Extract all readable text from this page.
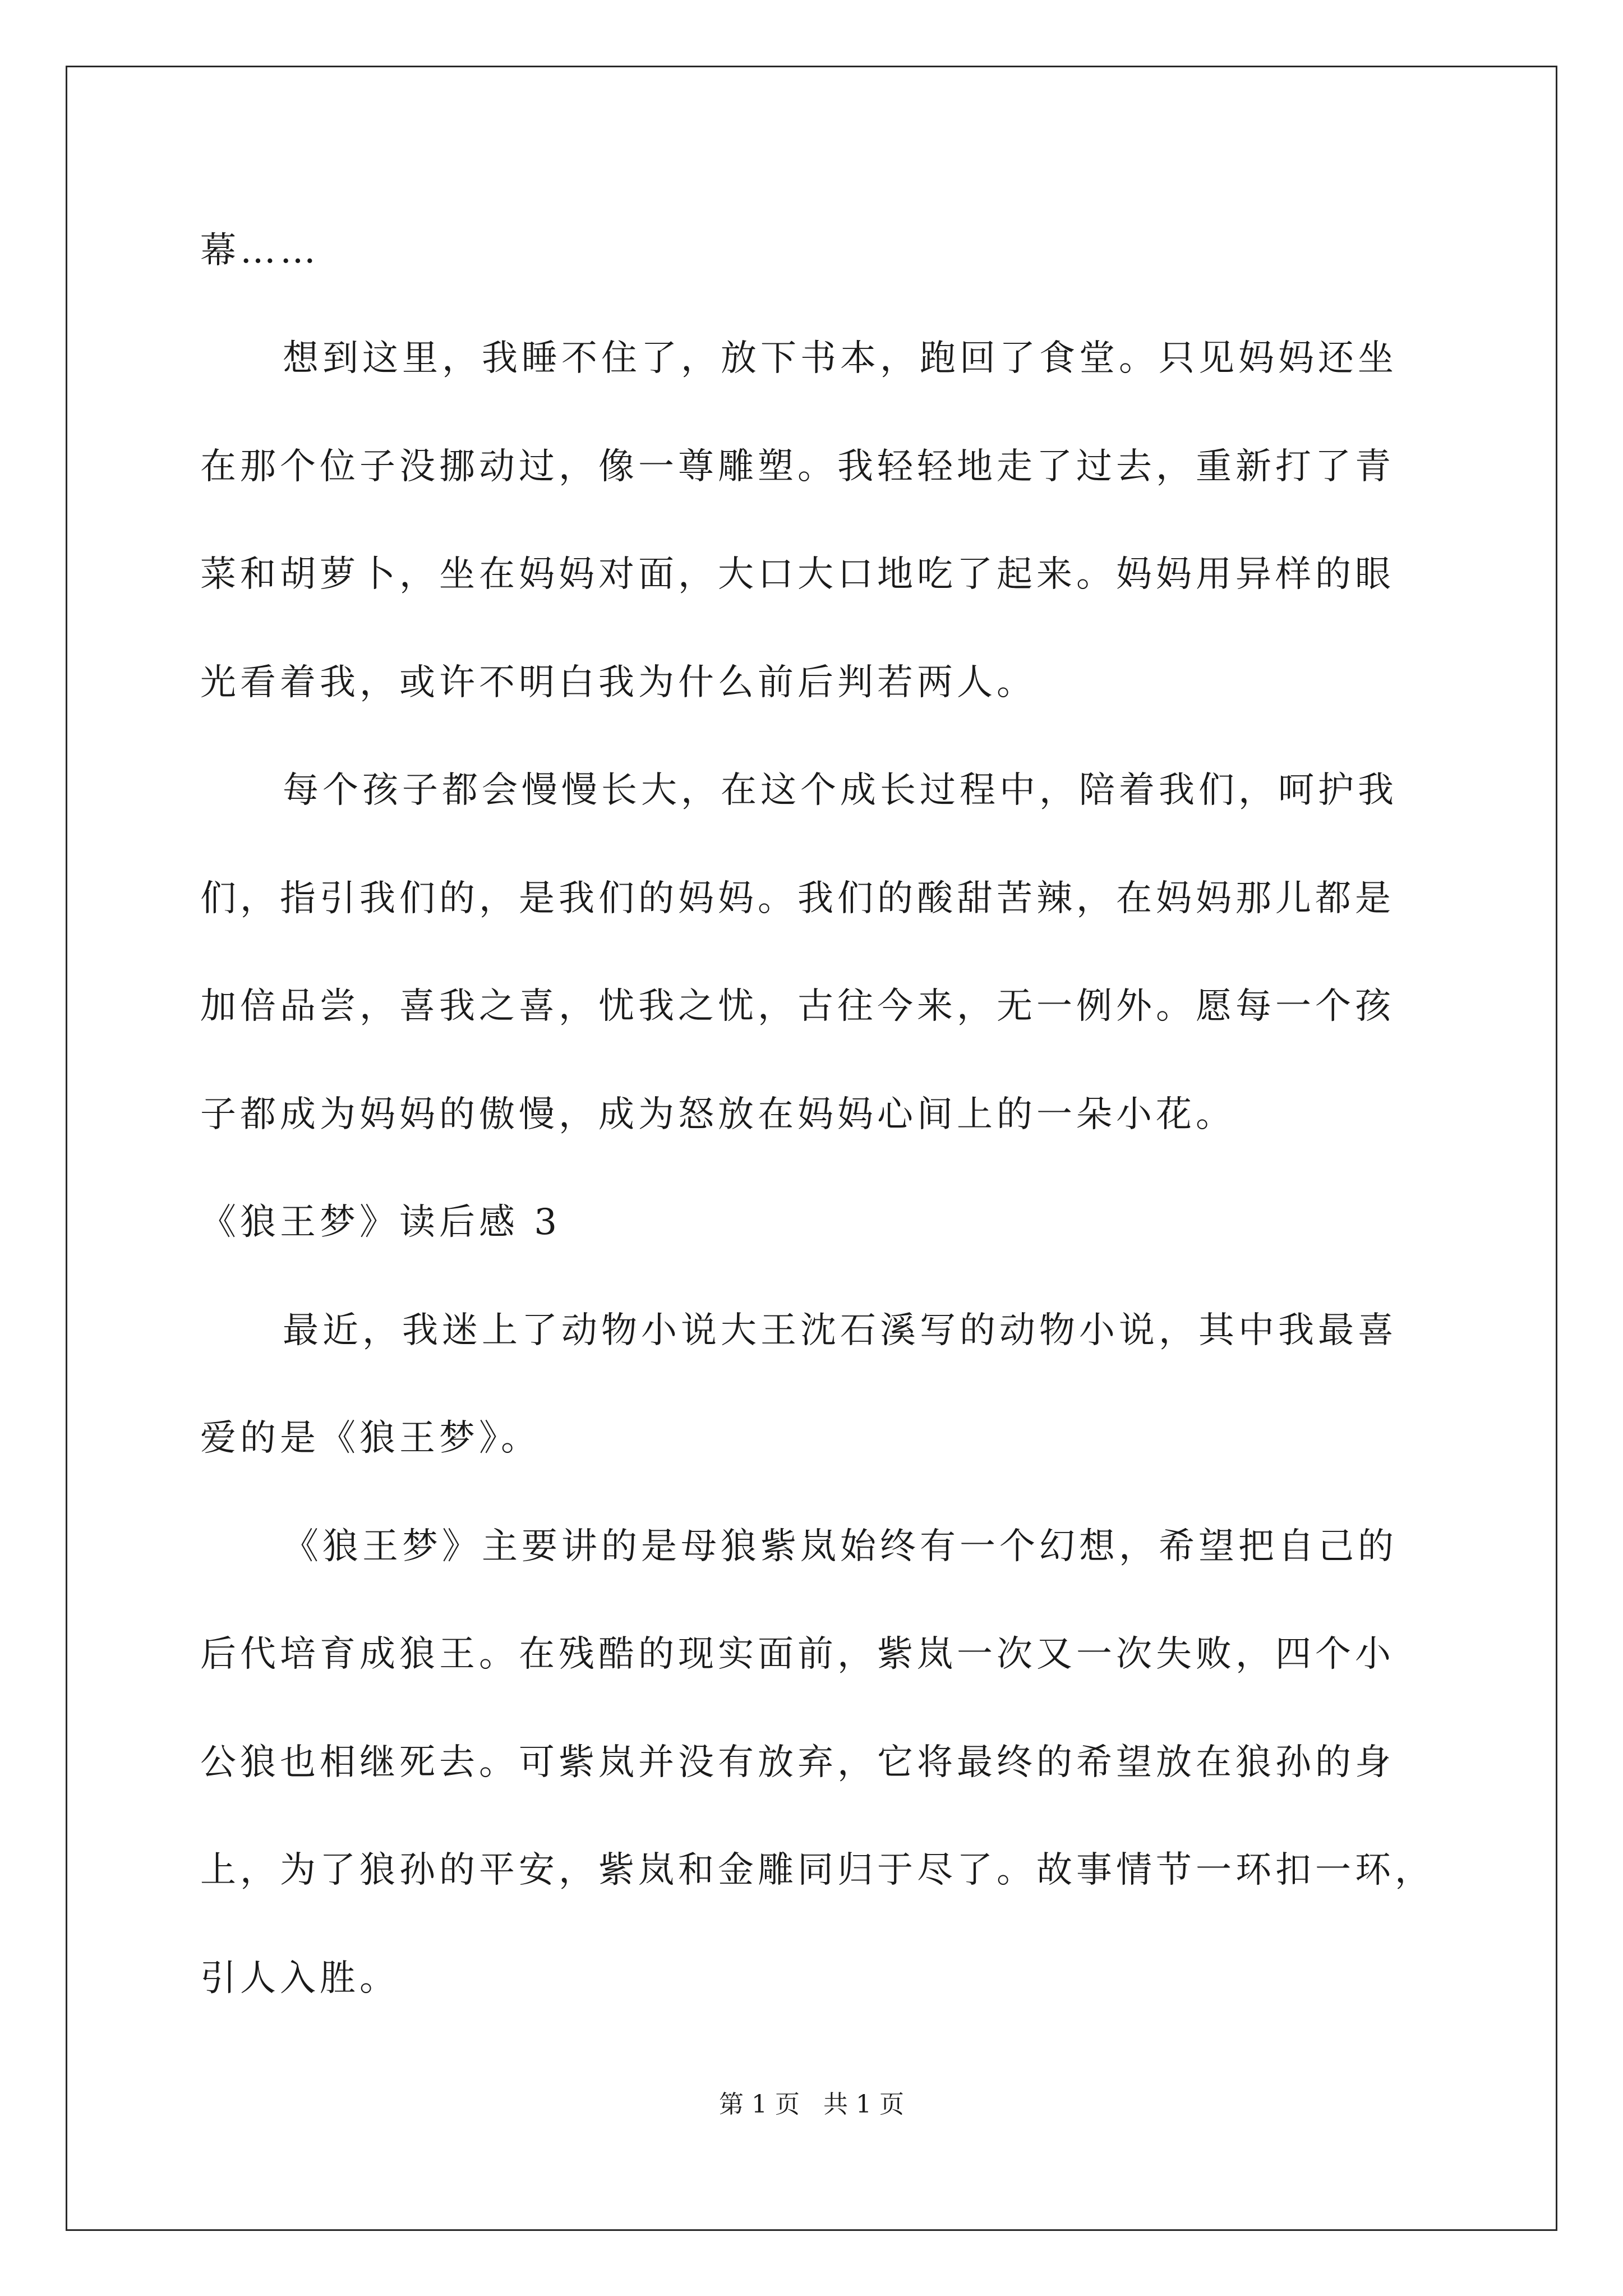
幕……
想到这里，我睡不住了，放下书本，跑回了食堂。只见妈妈还坐
在那个位子没挪动过，像一尊雕塑。我轻轻地走了过去，重新打了青
菜和胡萝卜，坐在妈妈对面，大口大口地吃了起来。妈妈用异样的眼
光看着我，或许不明白我为什么前后判若两人。
每个孩子都会慢慢长大，在这个成长过程中，陪着我们，呵护我
们，指引我们的，是我们的妈妈。我们的酸甜苦辣，在妈妈那儿都是
加倍品尝，喜我之喜，忧我之忧，古往今来，无一例外。愿每一个孩
子都成为妈妈的傲慢，成为怒放在妈妈心间上的一朵小花。
《狼王梦》读后感 3
最近，我迷上了动物小说大王沈石溪写的动物小说，其中我最喜
爱的是《狼王梦》。
《狼王梦》主要讲的是母狼紫岚始终有一个幻想，希望把自己的
后代培育成狼王。在残酷的现实面前，紫岚一次又一次失败，四个小
公狼也相继死去。可紫岚并没有放弃，它将最终的希望放在狼孙的身
上，为了狼孙的平安，紫岚和金雕同归于尽了。故事情节一环扣一环，
引人入胜。
第 1 页   共 1 页
